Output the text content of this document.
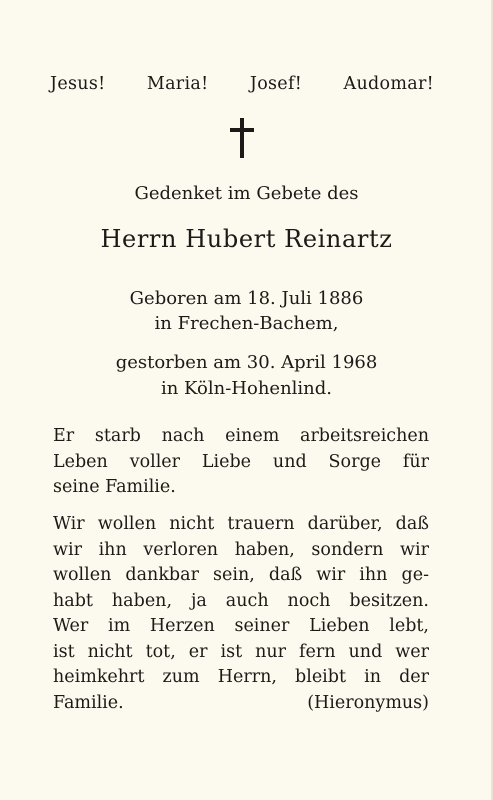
Jesus! Maria! Josef! Audomar!
Gedenket im Gebete des
Herrn Hubert Reinartz
Geboren am 18. Juli 1886
in Frechen-Bachem,
gestorben am 30. April 1968
in Köln-Hohenlind.
Er starb nach einem arbeitsreichen
Leben voller Liebe und Sorge für
seine Familie.
Wir wollen nicht trauern darüber, daß
wir ihn verloren haben, sondern wir
wollen dankbar sein, daß wir ihn ge-
habt haben, ja auch noch besitzen.
Wer im Herzen seiner Lieben lebt,
ist nicht tot, er ist nur fern und wer
heimkehrt zum Herrn, bleibt in der
Familie.	(Hieronymus)
